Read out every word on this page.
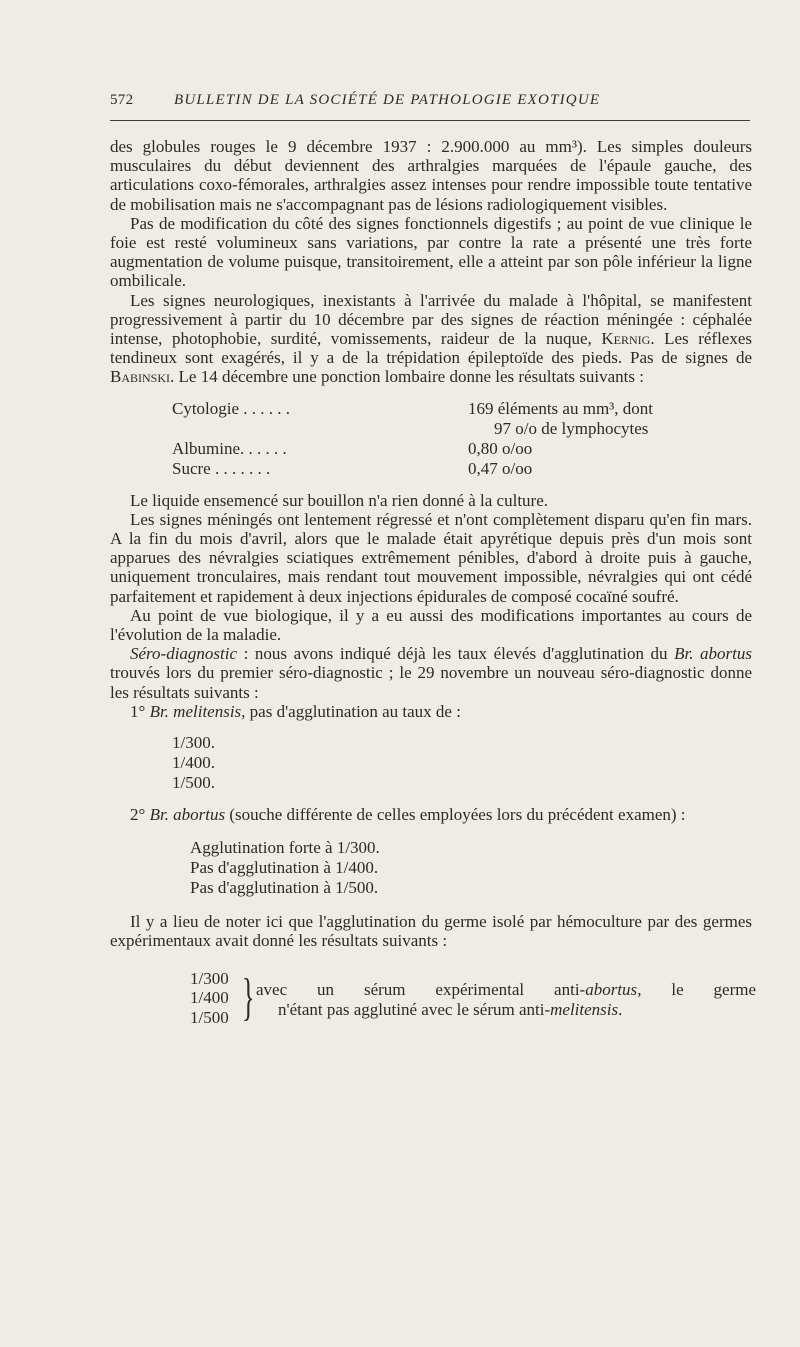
572	BULLETIN DE LA SOCIÉTÉ DE PATHOLOGIE EXOTIQUE

des globules rouges le 9 décembre 1937 : 2.900.000 au mm³). Les simples douleurs musculaires du début deviennent des arthralgies marquées de l'épaule gauche, des articulations coxo-fémorales, arthralgies assez intenses pour rendre impossible toute tentative de mobilisation mais ne s'accompagnant pas de lésions radiologiquement visibles.

Pas de modification du côté des signes fonctionnels digestifs ; au point de vue clinique le foie est resté volumineux sans variations, par contre la rate a présenté une très forte augmentation de volume puisque, transitoirement, elle a atteint par son pôle inférieur la ligne ombilicale.

Les signes neurologiques, inexistants à l'arrivée du malade à l'hôpital, se manifestent progressivement à partir du 10 décembre par des signes de réaction méningée : céphalée intense, photophobie, surdité, vomissements, raideur de la nuque, Kernig. Les réflexes tendineux sont exagérés, il y a de la trépidation épileptoïde des pieds. Pas de signes de Babinski. Le 14 décembre une ponction lombaire donne les résultats suivants :

Cytologie . . . . . .	169 éléments au mm³, dont
97 o/o de lymphocytes
Albumine. . . . . .	0,80 o/oo
Sucre . . . . . . .	0,47 o/oo

Le liquide ensemencé sur bouillon n'a rien donné à la culture.

Les signes méningés ont lentement régressé et n'ont complètement disparu qu'en fin mars. A la fin du mois d'avril, alors que le malade était apyrétique depuis près d'un mois sont apparues des névralgies sciatiques extrêmement pénibles, d'abord à droite puis à gauche, uniquement tronculaires, mais rendant tout mouvement impossible, névralgies qui ont cédé parfaitement et rapidement à deux injections épidurales de composé cocaïné soufré.

Au point de vue biologique, il y a eu aussi des modifications importantes au cours de l'évolution de la maladie.

Séro-diagnostic : nous avons indiqué déjà les taux élevés d'agglutination du Br. abortus trouvés lors du premier séro-diagnostic ; le 29 novembre un nouveau séro-diagnostic donne les résultats suivants :

1° Br. melitensis, pas d'agglutination au taux de :

1/300.
1/400.
1/500.

2° Br. abortus (souche différente de celles employées lors du précédent examen) :

Agglutination forte à 1/300.
Pas d'agglutination à 1/400.
Pas d'agglutination à 1/500.

Il y a lieu de noter ici que l'agglutination du germe isolé par hémoculture par des germes expérimentaux avait donné les résultats suivants :

1/300
1/400
1/500 } avec un sérum expérimental anti-abortus, le germe
n'étant pas agglutiné avec le sérum anti-melitensis.
